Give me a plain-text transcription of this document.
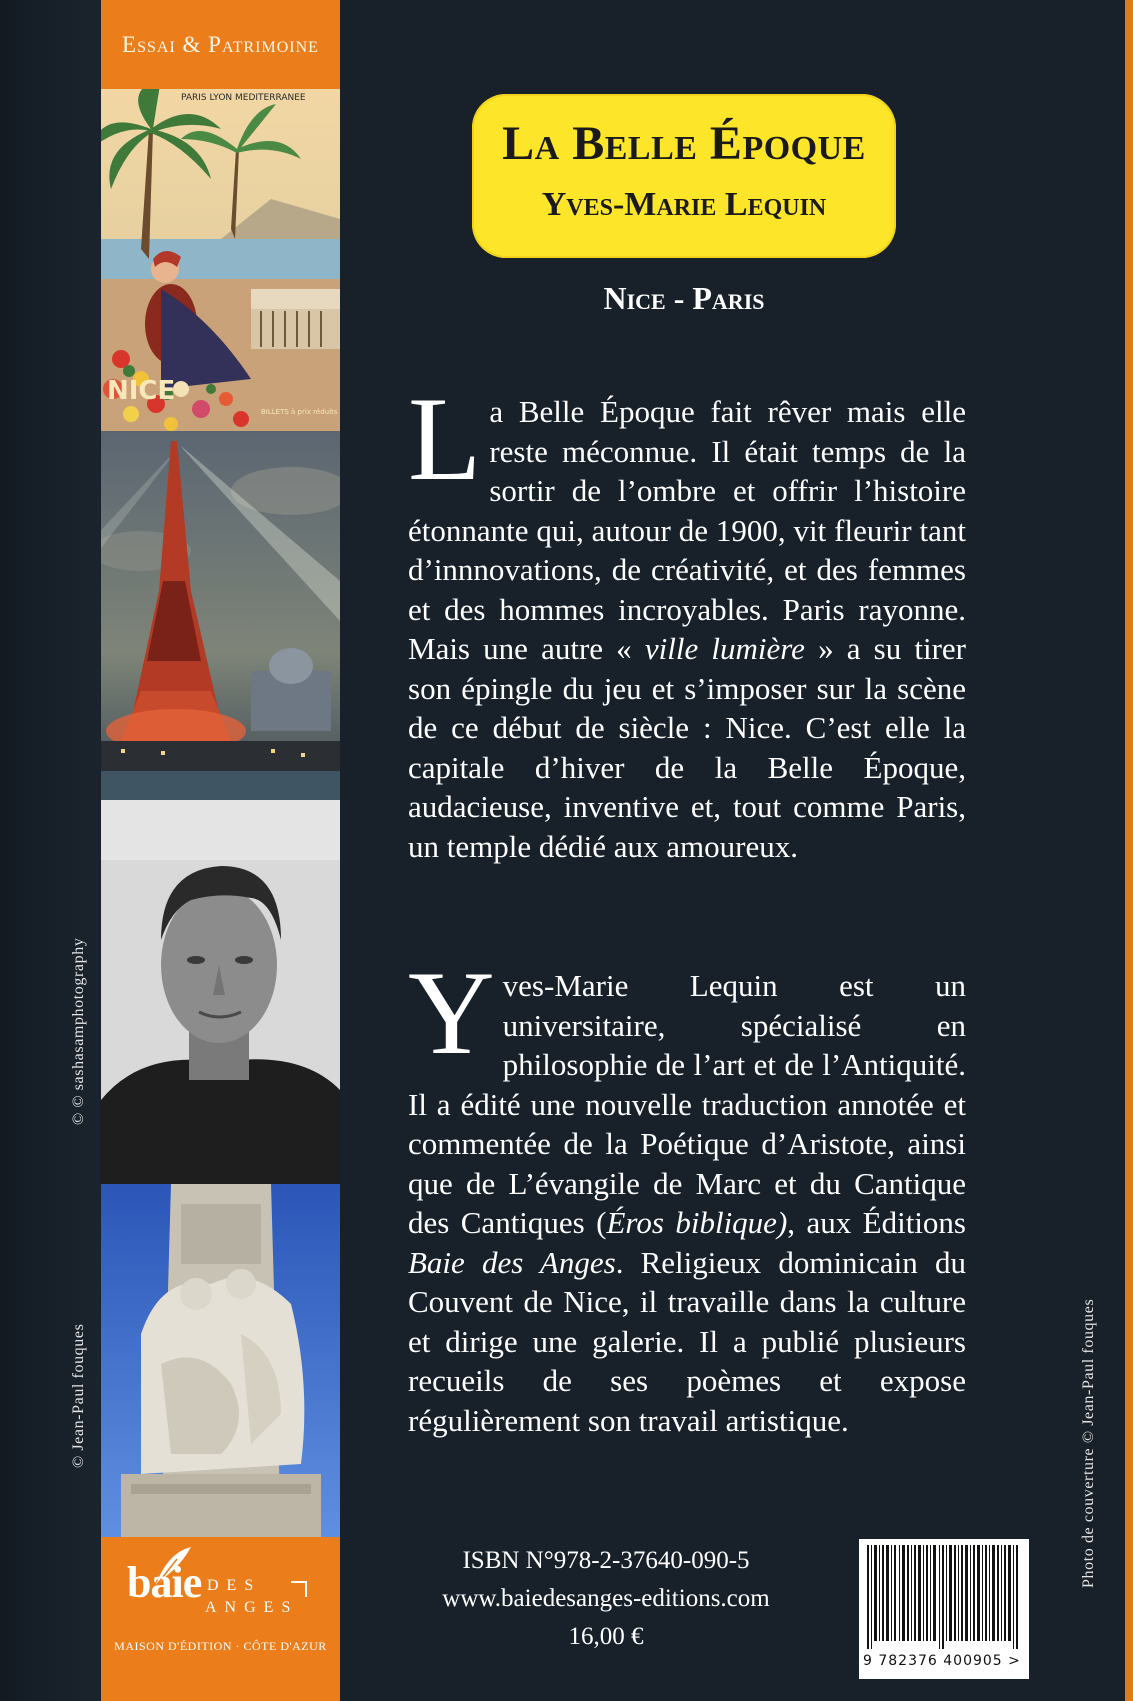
Essai & Patrimoine
PARIS LYON MEDITERRANEE
NICE
BILLETS à prix réduits
baie DES
ANGES
MAISON D'ÉDITION · CÔTE D'AZUR
© © sashasamphotography
© Jean-Paul fouques	Photo de couverture © Jean-Paul fouques
La Belle Époque
Yves-Marie Lequin
Nice - Paris
La Belle Époque fait rêver mais elle reste méconnue. Il était temps de la sortir de l’ombre et offrir l’histoire étonnante qui, autour de 1900, vit fleurir tant d’innnovations, de créativité, et des femmes et des hommes incroyables. Paris rayonne. Mais une autre « ville lumière » a su tirer son épingle du jeu et s’imposer sur la scène de ce début de siècle : Nice. C’est elle la capitale d’hiver de la Belle Époque, audacieuse, inventive et, tout comme Paris, un temple dédié aux amoureux.
Yves-Marie Lequin est un universitaire, spécialisé en philosophie de l’art et de l’Antiquité. Il a édité une nouvelle traduction annotée et commentée de la Poétique d’Aristote, ainsi que de L’évangile de Marc et du Cantique des Cantiques (Éros biblique), aux Éditions Baie des Anges. Religieux dominicain du Couvent de Nice, il travaille dans la culture et dirige une galerie. Il a publié plusieurs recueils de ses poèmes et expose régulièrement son travail artistique.
ISBN N°978-2-37640-090-5
www.baiedesanges-editions.com
16,00 €
9 782376 400905 >
